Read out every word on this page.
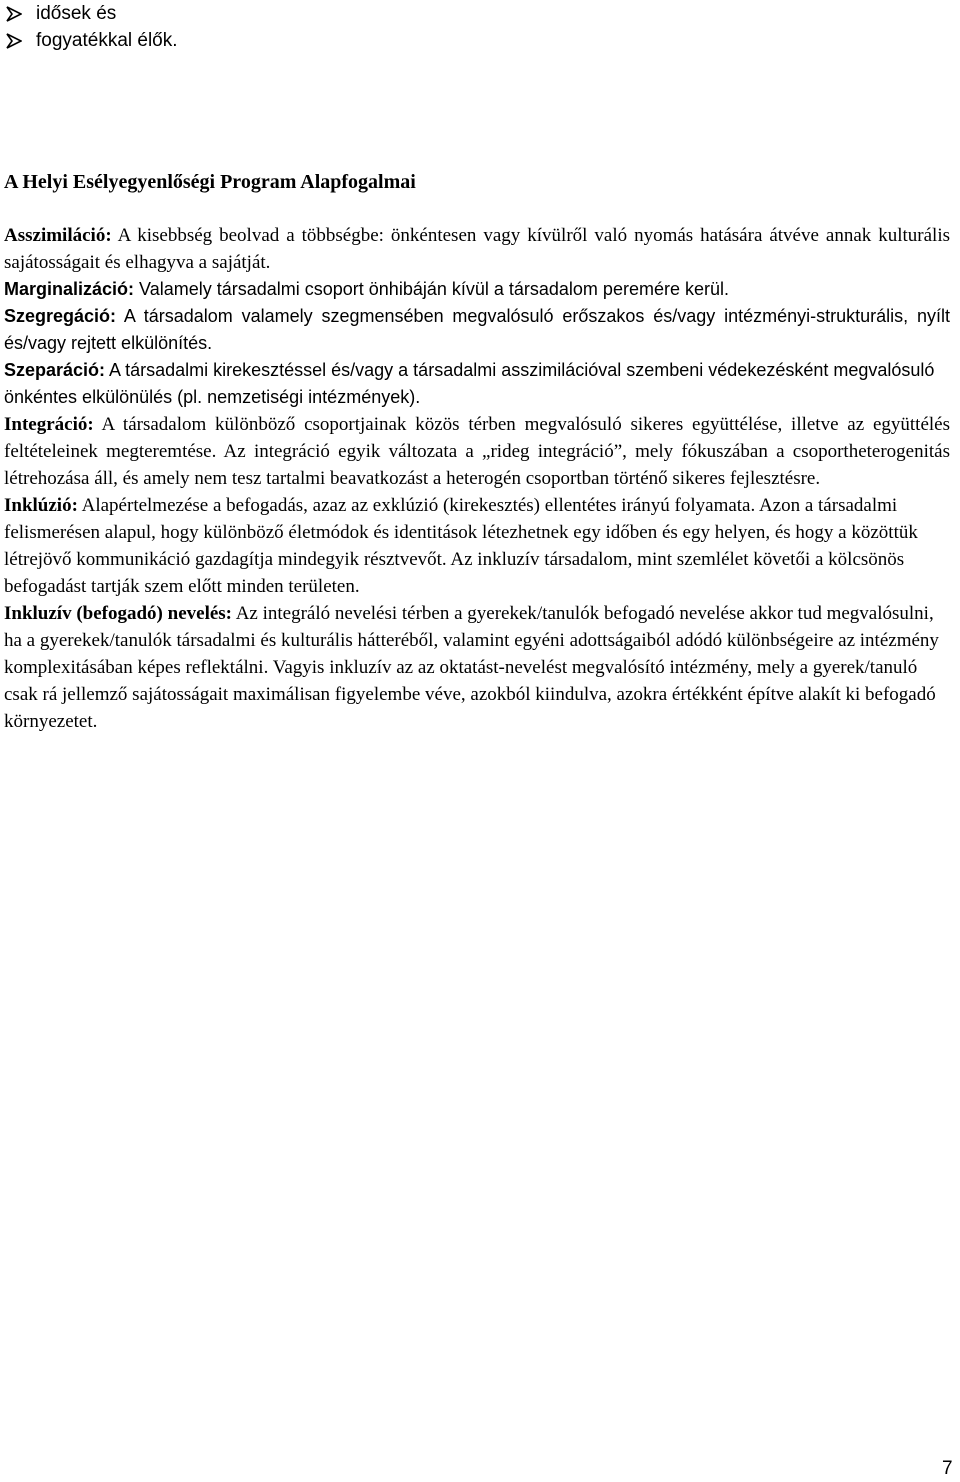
idősek és
fogyatékkal élők.
A Helyi Esélyegyenlőségi Program Alapfogalmai

Asszimiláció: A kisebbség beolvad a többségbe: önkéntesen vagy kívülről való nyomás hatására átvéve annak kulturális sajátosságait és elhagyva a sajátját.

Marginalizáció: Valamely társadalmi csoport önhibáján kívül a társadalom peremére kerül.

Szegregáció: A társadalom valamely szegmensében megvalósuló erőszakos és/vagy intézményi-strukturális, nyílt és/vagy rejtett elkülönítés.

Szeparáció: A társadalmi kirekesztéssel és/vagy a társadalmi asszimilációval szembeni védekezésként megvalósuló önkéntes elkülönülés (pl. nemzetiségi intézmények).

Integráció: A társadalom különböző csoportjainak közös térben megvalósuló sikeres együttélése, illetve az együttélés feltételeinek megteremtése. Az integráció egyik változata a „rideg integráció”, mely fókuszában a csoportheterogenitás létrehozása áll, és amely nem tesz tartalmi beavatkozást a heterogén csoportban történő sikeres fejlesztésre.

Inklúzió: Alapértelmezése a befogadás, azaz az exklúzió (kirekesztés) ellentétes irányú folyamata. Azon a társadalmi felismerésen alapul, hogy különböző életmódok és identitások létezhetnek egy időben és egy helyen, és hogy a közöttük létrejövő kommunikáció gazdagítja mindegyik résztvevőt. Az inkluzív társadalom, mint szemlélet követői a kölcsönös befogadást tartják szem előtt minden területen.

Inkluzív (befogadó) nevelés: Az integráló nevelési térben a gyerekek/tanulók befogadó nevelése akkor tud megvalósulni, ha a gyerekek/tanulók társadalmi és kulturális hátteréből, valamint egyéni adottságaiból adódó különbségeire az intézmény komplexitásában képes reflektálni. Vagyis inkluzív az az oktatást-nevelést megvalósító intézmény, mely a gyerek/tanuló csak rá jellemző sajátosságait maximálisan figyelembe véve, azokból kiindulva, azokra értékként építve alakít ki befogadó környezetet.

7
